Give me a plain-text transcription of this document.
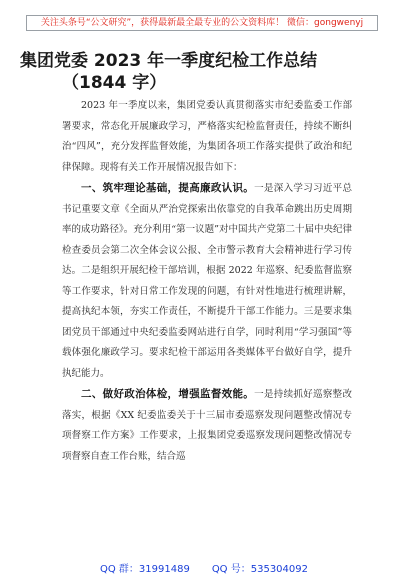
关注头条号“公文研究”，获得最新最全最专业的公文资料库！ 微信：gongwenyj
集团党委 2023 年一季度纪检工作总结
（1844 字）

2023 年一季度以来，集团党委认真贯彻落实市纪委监委工作部署要求，常态化开展廉政学习，严格落实纪检监督责任，持续不断纠治“四风”，充分发挥监督效能，为集团各项工作落实提供了政治和纪律保障。现将有关工作开展情况报告如下：

一、筑牢理论基础，提高廉政认识。一是深入学习习近平总书记重要文章《全面从严治党探索出依靠党的自我革命跳出历史周期率的成功路径》。充分利用“第一议题”对中国共产党第二十届中央纪律检查委员会第二次全体会议公报、全市警示教育大会精神进行学习传达。二是组织开展纪检干部培训，根据 2022 年巡察、纪委监督监察等工作要求，针对日常工作发现的问题，有针对性地进行梳理讲解，提高执纪本领，夯实工作责任，不断提升干部工作能力。三是要求集团党员干部通过中央纪委监委网站进行自学，同时利用“学习强国”等载体强化廉政学习。要求纪检干部运用各类媒体平台做好自学，提升执纪能力。

二、做好政治体检，增强监督效能。一是持续抓好巡察整改落实，根据《XX 纪委监委关于十三届市委巡察发现问题整改情况专项督察工作方案》工作要求，上报集团党委巡察发现问题整改情况专项督察自查工作台账，结合巡

QQ 群：31991489 QQ 号：535304092
